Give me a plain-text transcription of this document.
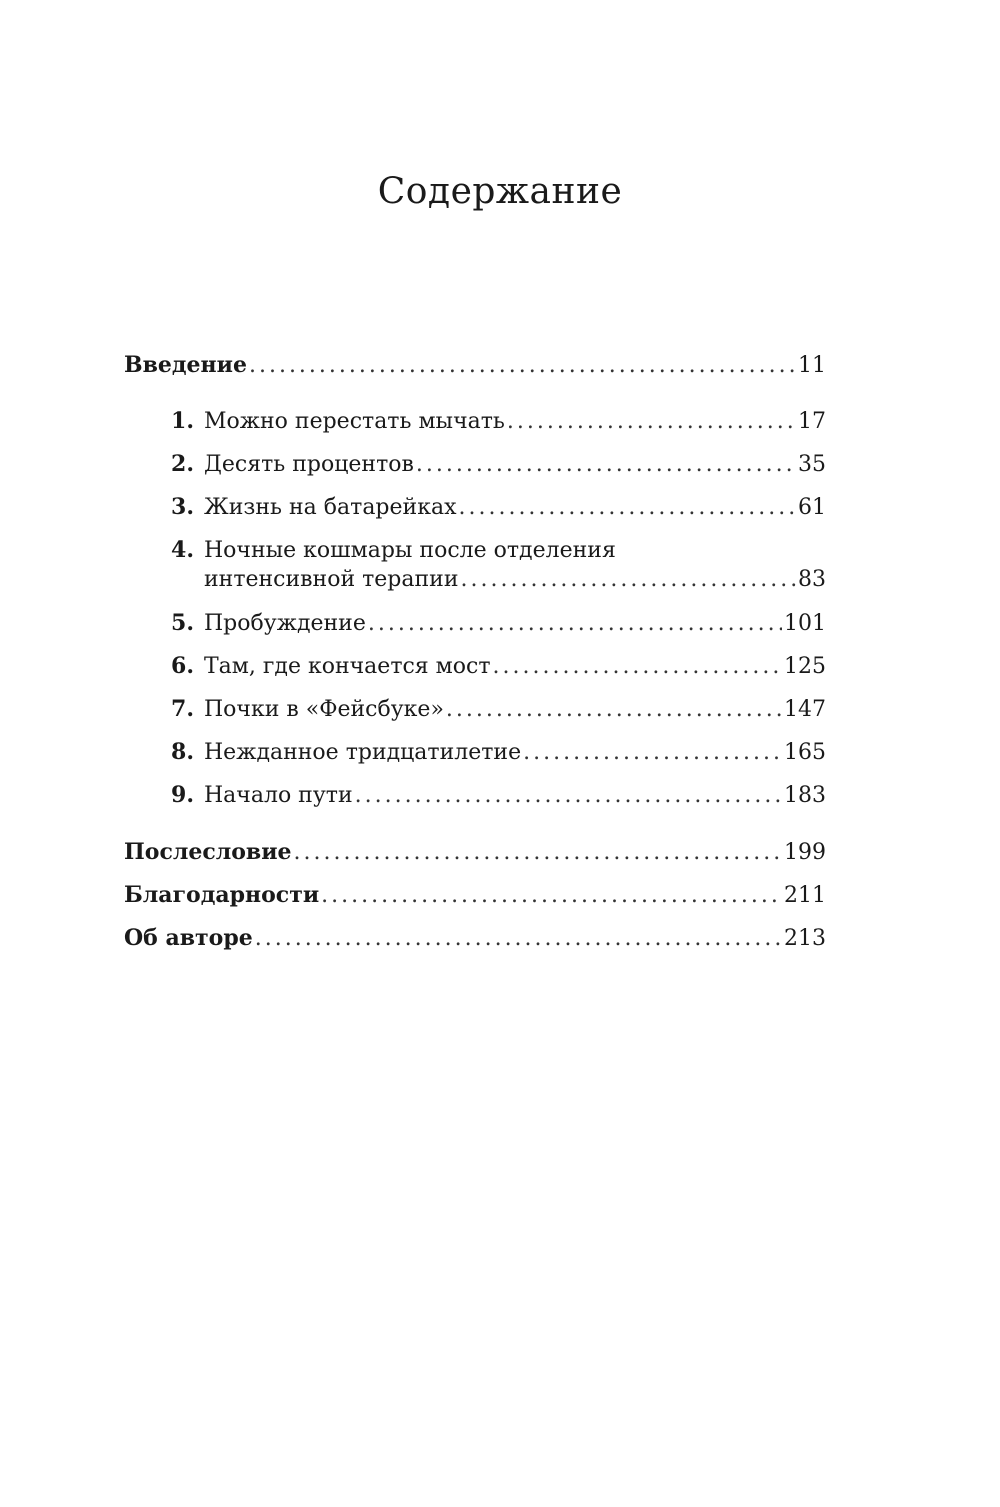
Содержание
Введение .....	11
1. Можно перестать мычать .....	17
2. Десять процентов .....	35
3. Жизнь на батарейках .....	61
4. Ночные кошмары после отделения
интенсивной терапии .....	83
5. Пробуждение .....	101
6. Там, где кончается мост .....	125
7. Почки в «Фейсбуке» .....	147
8. Нежданное тридцатилетие .....	165
9. Начало пути .....	183
Послесловие .....	199
Благодарности .....	211
Об авторе .....	213
